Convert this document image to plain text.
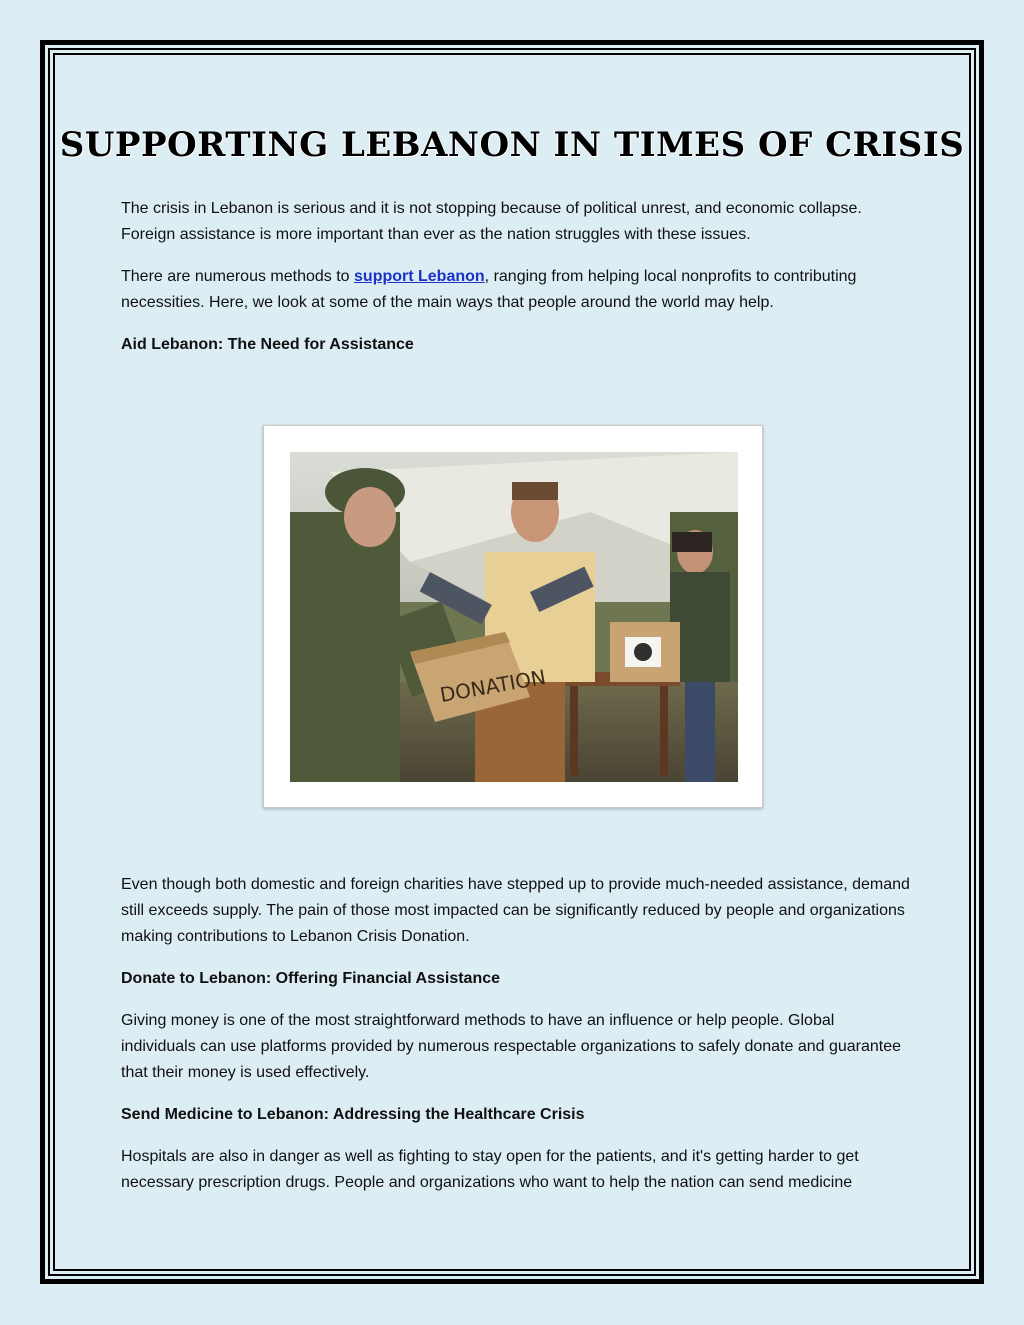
SUPPORTING LEBANON IN TIMES OF CRISIS

The crisis in Lebanon is serious and it is not stopping because of political unrest, and economic collapse. Foreign assistance is more important than ever as the nation struggles with these issues.

There are numerous methods to support Lebanon, ranging from helping local nonprofits to contributing necessities. Here, we look at some of the main ways that people around the world may help.

Aid Lebanon: The Need for Assistance
DONATION

Even though both domestic and foreign charities have stepped up to provide much-needed assistance, demand still exceeds supply. The pain of those most impacted can be significantly reduced by people and organizations making contributions to Lebanon Crisis Donation.

Donate to Lebanon: Offering Financial Assistance

Giving money is one of the most straightforward methods to have an influence or help people. Global individuals can use platforms provided by numerous respectable organizations to safely donate and guarantee that their money is used effectively.

Send Medicine to Lebanon: Addressing the Healthcare Crisis

Hospitals are also in danger as well as fighting to stay open for the patients, and it's getting harder to get necessary prescription drugs. People and organizations who want to help the nation can send medicine
